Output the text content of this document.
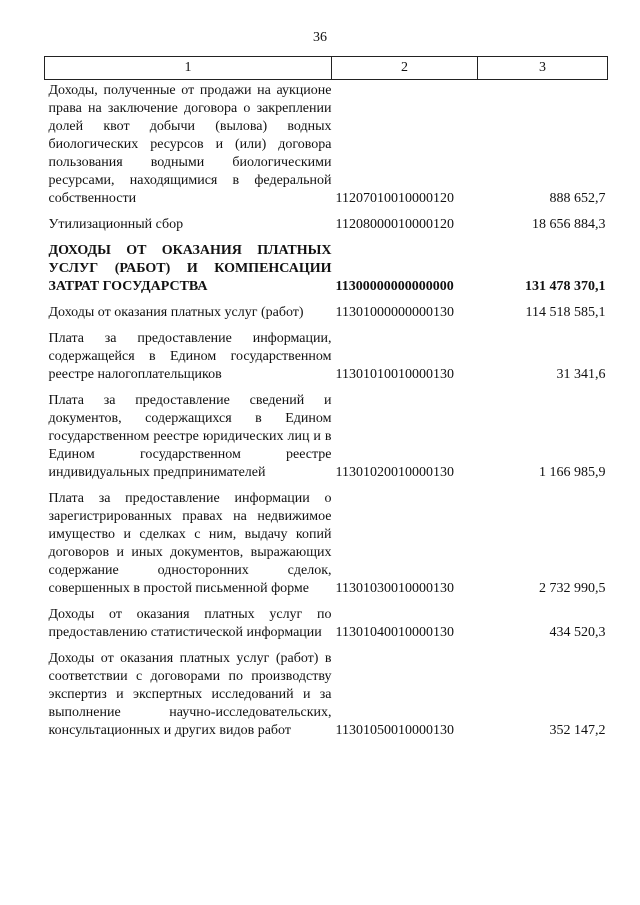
36
1	2	3
Доходы, полученные от продажи на аукционе права на заключение договора о закреплении долей квот добычи (вылова) водных биологических ресурсов и (или) договора пользования водными биологическими ресурсами, находящимися в федеральной собственности	11207010010000120	888 652,7
Утилизационный сбор	11208000010000120	18 656 884,3
ДОХОДЫ ОТ ОКАЗАНИЯ ПЛАТНЫХ УСЛУГ (РАБОТ) И КОМПЕНСАЦИИ ЗАТРАТ ГОСУДАРСТВА	11300000000000000	131 478 370,1
Доходы от оказания платных услуг (работ)	11301000000000130	114 518 585,1
Плата за предоставление информации, содержащейся в Едином государственном реестре налогоплательщиков	11301010010000130	31 341,6
Плата за предоставление сведений и документов, содержащихся в Едином государственном реестре юридических лиц и в Едином государственном реестре индивидуальных предпринимателей	11301020010000130	1 166 985,9
Плата за предоставление информации о зарегистрированных правах на недвижимое имущество и сделках с ним, выдачу копий договоров и иных документов, выражающих содержание односторонних сделок, совершенных в простой письменной форме	11301030010000130	2 732 990,5
Доходы от оказания платных услуг по предоставлению статистической информации	11301040010000130	434 520,3
Доходы от оказания платных услуг (работ) в соответствии с договорами по производству экспертиз и экспертных исследований и за выполнение научно-исследовательских, консультационных и других видов работ	11301050010000130	352 147,2
